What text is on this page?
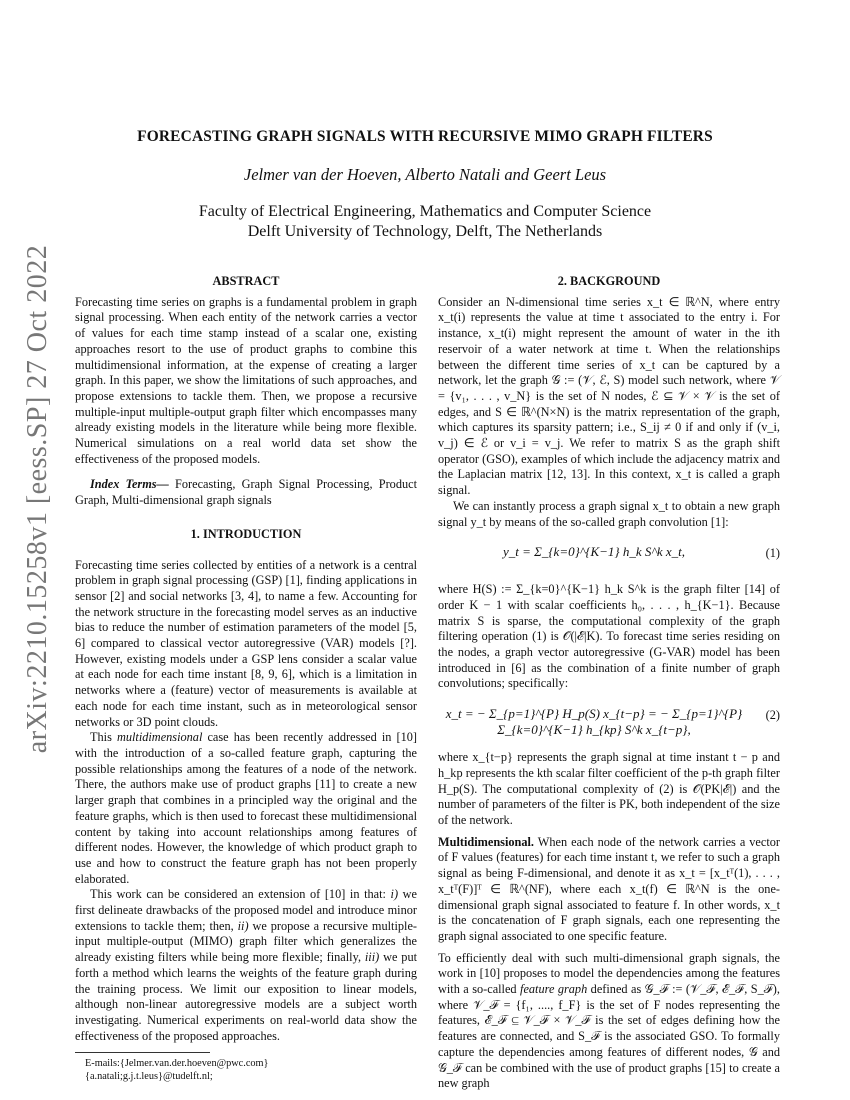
arXiv:2210.15258v1 [eess.SP] 27 Oct 2022
FORECASTING GRAPH SIGNALS WITH RECURSIVE MIMO GRAPH FILTERS
Jelmer van der Hoeven, Alberto Natali and Geert Leus
Faculty of Electrical Engineering, Mathematics and Computer Science
Delft University of Technology, Delft, The Netherlands
ABSTRACT

Forecasting time series on graphs is a fundamental problem in graph signal processing. When each entity of the network carries a vector of values for each time stamp instead of a scalar one, existing approaches resort to the use of product graphs to combine this multidimensional information, at the expense of creating a larger graph. In this paper, we show the limitations of such approaches, and propose extensions to tackle them. Then, we propose a recursive multiple-input multiple-output graph filter which encompasses many already existing models in the literature while being more flexible. Numerical simulations on a real world data set show the effectiveness of the proposed models.

Index Terms— Forecasting, Graph Signal Processing, Product Graph, Multi-dimensional graph signals

1. INTRODUCTION

Forecasting time series collected by entities of a network is a central problem in graph signal processing (GSP) [1], finding applications in sensor [2] and social networks [3, 4], to name a few. Accounting for the network structure in the forecasting model serves as an inductive bias to reduce the number of estimation parameters of the model [5, 6] compared to classical vector autoregressive (VAR) models [?]. However, existing models under a GSP lens consider a scalar value at each node for each time instant [8, 9, 6], which is a limitation in networks where a (feature) vector of measurements is available at each node for each time instant, such as in meteorological sensor networks or 3D point clouds.

This multidimensional case has been recently addressed in [10] with the introduction of a so-called feature graph, capturing the possible relationships among the features of a node of the network. There, the authors make use of product graphs [11] to create a new larger graph that combines in a principled way the original and the feature graphs, which is then used to forecast these multidimensional content by taking into account relationships among features of different nodes. However, the knowledge of which product graph to use and how to construct the feature graph has not been properly elaborated.

This work can be considered an extension of [10] in that: i) we first delineate drawbacks of the proposed model and introduce minor extensions to tackle them; then, ii) we propose a recursive multiple-input multiple-output (MIMO) graph filter which generalizes the already existing filters while being more flexible; finally, iii) we put forth a method which learns the weights of the feature graph during the training process. We limit our exposition to linear models, although non-linear autoregressive models are a subject worth investigating. Numerical experiments on real-world data show the effectiveness of the proposed approaches.

E-mails:{Jelmer.van.der.hoeven@pwc.com}
{a.natali;g.j.t.leus}@tudelft.nl;
2. BACKGROUND

Consider an N-dimensional time series x_t ∈ ℝ^N, where entry x_t(i) represents the value at time t associated to the entry i. For instance, x_t(i) might represent the amount of water in the ith reservoir of a water network at time t. When the relationships between the different time series of x_t can be captured by a network, let the graph 𝒢 := (𝒱, ℰ, S) model such network, where 𝒱 = {v₁, . . . , v_N} is the set of N nodes, ℰ ⊆ 𝒱 × 𝒱 is the set of edges, and S ∈ ℝ^(N×N) is the matrix representation of the graph, which captures its sparsity pattern; i.e., S_ij ≠ 0 if and only if (v_i, v_j) ∈ ℰ or v_i = v_j. We refer to matrix S as the graph shift operator (GSO), examples of which include the adjacency matrix and the Laplacian matrix [12, 13]. In this context, x_t is called a graph signal.

We can instantly process a graph signal x_t to obtain a new graph signal y_t by means of the so-called graph convolution [1]:

y_t = Σ_{k=0}^{K−1} h_k S^k x_t,	(1)

where H(S) := Σ_{k=0}^{K−1} h_k S^k is the graph filter [14] of order K − 1 with scalar coefficients h₀, . . . , h_{K−1}. Because matrix S is sparse, the computational complexity of the graph filtering operation (1) is 𝒪(|ℰ|K). To forecast time series residing on the nodes, a graph vector autoregressive (G-VAR) model has been introduced in [6] as the combination of a finite number of graph convolutions; specifically:

x_t = − Σ_{p=1}^{P} H_p(S) x_{t−p} = − Σ_{p=1}^{P} Σ_{k=0}^{K−1} h_{kp} S^k x_{t−p},
(2)

where x_{t−p} represents the graph signal at time instant t − p and h_kp represents the kth scalar filter coefficient of the p-th graph filter H_p(S). The computational complexity of (2) is 𝒪(PK|ℰ|) and the number of parameters of the filter is PK, both independent of the size of the network.

Multidimensional. When each node of the network carries a vector of F values (features) for each time instant t, we refer to such a graph signal as being F-dimensional, and denote it as x_t = [x_tᵀ(1), . . . , x_tᵀ(F)]ᵀ ∈ ℝ^(NF), where each x_t(f) ∈ ℝ^N is the one-dimensional graph signal associated to feature f. In other words, x_t is the concatenation of F graph signals, each one representing the graph signal associated to one specific feature.

To efficiently deal with such multi-dimensional graph signals, the work in [10] proposes to model the dependencies among the features with a so-called feature graph defined as 𝒢_ℱ := (𝒱_ℱ, ℰ_ℱ, S_ℱ), where 𝒱_ℱ = {f₁, ...., f_F} is the set of F nodes representing the features, ℰ_ℱ ⊆ 𝒱_ℱ × 𝒱_ℱ is the set of edges defining how the features are connected, and S_ℱ is the associated GSO. To formally capture the dependencies among features of different nodes, 𝒢 and 𝒢_ℱ can be combined with the use of product graphs [15] to create a new graph
